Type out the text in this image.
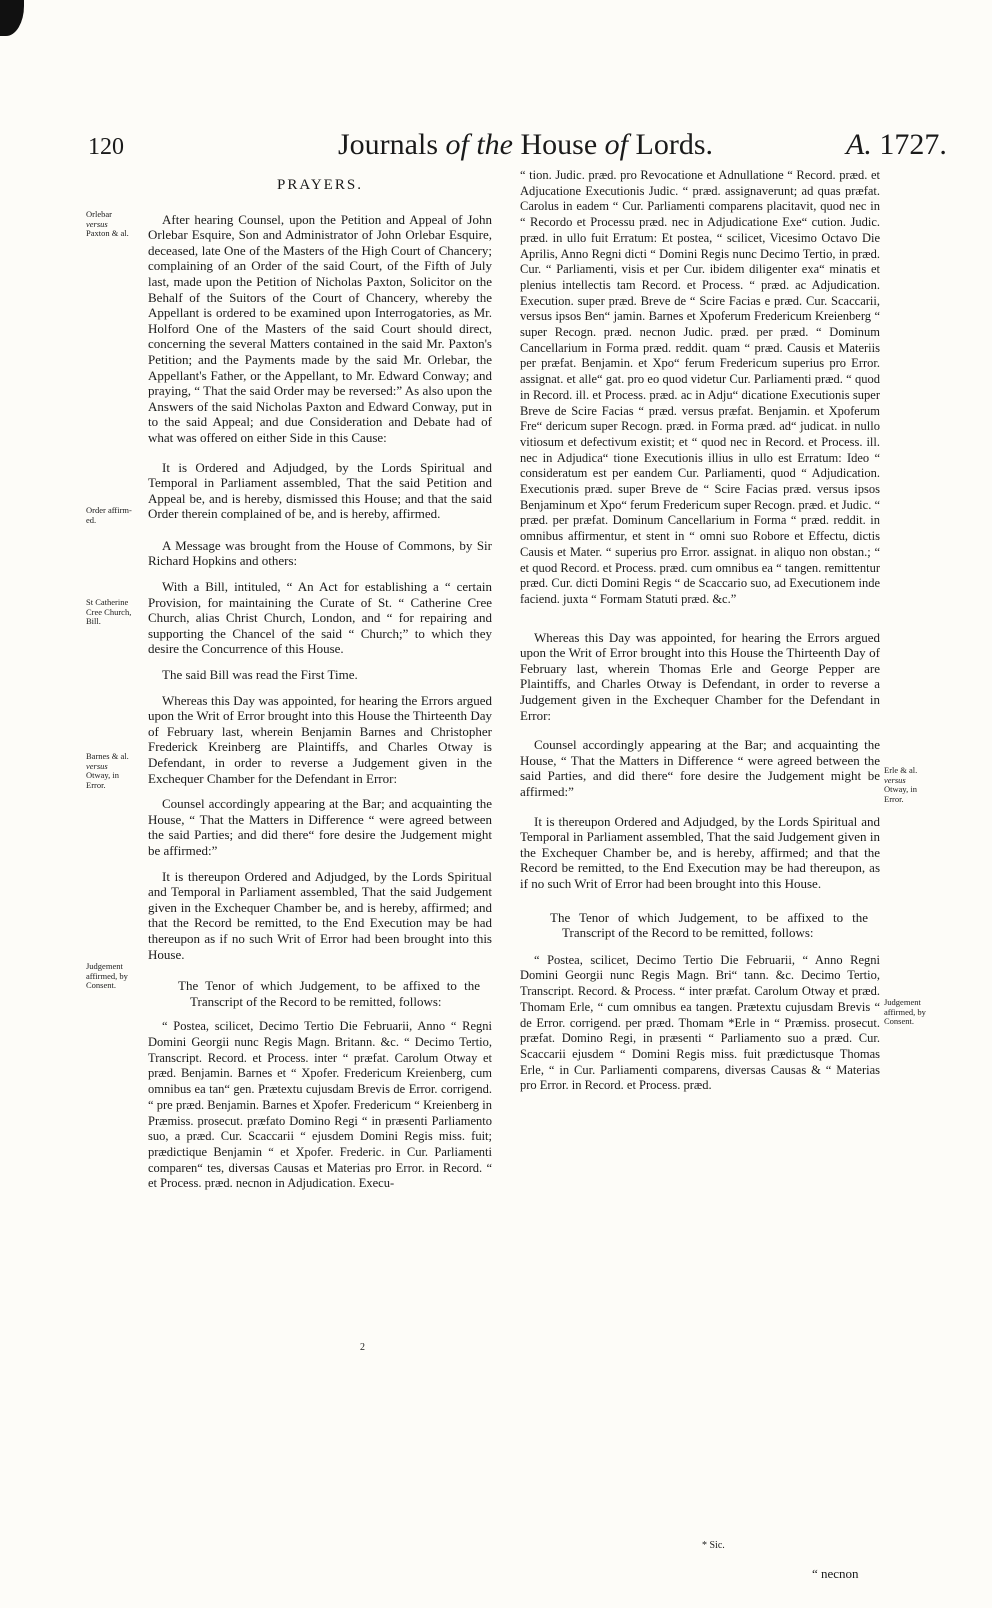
120	Journals of the House of Lords.	A. 1727.

PRAYERS.

After hearing Counsel, upon the Petition and Appeal of John Orlebar Esquire, Son and Administrator of John Orlebar Esquire, deceased, late One of the Masters of the High Court of Chancery; complaining of an Order of the said Court, of the Fifth of July last, made upon the Petition of Nicholas Paxton, Solicitor on the Behalf of the Suitors of the Court of Chancery, whereby the Appellant is ordered to be examined upon Interrogatories, as Mr. Holford One of the Masters of the said Court should direct, concerning the several Matters contained in the said Mr. Paxton's Petition; and the Payments made by the said Mr. Orlebar, the Appellant's Father, or the Appellant, to Mr. Edward Conway; and praying, “ That the said Order may be reversed:” As also upon the Answers of the said Nicholas Paxton and Edward Conway, put in to the said Appeal; and due Consideration and Debate had of what was offered on either Side in this Cause:

It is Ordered and Adjudged, by the Lords Spiritual and Temporal in Parliament assembled, That the said Petition and Appeal be, and is hereby, dismissed this House; and that the said Order therein complained of be, and is hereby, affirmed.

A Message was brought from the House of Commons, by Sir Richard Hopkins and others:

With a Bill, intituled, “ An Act for establishing a “ certain Provision, for maintaining the Curate of St. “ Catherine Cree Church, alias Christ Church, London, and “ for repairing and supporting the Chancel of the said “ Church;” to which they desire the Concurrence of this House.

The said Bill was read the First Time.

Whereas this Day was appointed, for hearing the Errors argued upon the Writ of Error brought into this House the Thirteenth Day of February last, wherein Benjamin Barnes and Christopher Frederick Kreinberg are Plaintiffs, and Charles Otway is Defendant, in order to reverse a Judgement given in the Exchequer Chamber for the Defendant in Error:

Counsel accordingly appearing at the Bar; and acquainting the House, “ That the Matters in Difference “ were agreed between the said Parties; and did there“ fore desire the Judgement might be affirmed:”

It is thereupon Ordered and Adjudged, by the Lords Spiritual and Temporal in Parliament assembled, That the said Judgement given in the Exchequer Chamber be, and is hereby, affirmed; and that the Record be remitted, to the End Execution may be had thereupon as if no such Writ of Error had been brought into this House.

The Tenor of which Judgement, to be affixed to the Transcript of the Record to be remitted, follows:

“ Postea, scilicet, Decimo Tertio Die Februarii, Anno “ Regni Domini Georgii nunc Regis Magn. Britann. &c. “ Decimo Tertio, Transcript. Record. et Process. inter “ præfat. Carolum Otway et præd. Benjamin. Barnes et “ Xpofer. Fredericum Kreienberg, cum omnibus ea tan“ gen. Prætextu cujusdam Brevis de Error. corrigend. “ pre præd. Benjamin. Barnes et Xpofer. Fredericum “ Kreienberg in Præmiss. prosecut. præfato Domino Regi “ in præsenti Parliamento suo, a præd. Cur. Scaccarii “ ejusdem Domini Regis miss. fuit; prædictique Benjamin “ et Xpofer. Frederic. in Cur. Parliamenti comparen“ tes, diversas Causas et Materias pro Error. in Record. “ et Process. præd. necnon in Adjudication. Execu-

“ tion. Judic. præd. pro Revocatione et Adnullatione “ Record. præd. et Adjucatione Executionis Judic. “ præd. assignaverunt; ad quas præfat. Carolus in eadem “ Cur. Parliamenti comparens placitavit, quod nec in “ Recordo et Processu præd. nec in Adjudicatione Exe“ cution. Judic. præd. in ullo fuit Erratum: Et postea, “ scilicet, Vicesimo Octavo Die Aprilis, Anno Regni dicti “ Domini Regis nunc Decimo Tertio, in præd. Cur. “ Parliamenti, visis et per Cur. ibidem diligenter exa“ minatis et plenius intellectis tam Record. et Process. “ præd. ac Adjudication. Execution. super præd. Breve de “ Scire Facias e præd. Cur. Scaccarii, versus ipsos Ben“ jamin. Barnes et Xpoferum Fredericum Kreienberg “ super Recogn. præd. necnon Judic. præd. per præd. “ Dominum Cancellarium in Forma præd. reddit. quam “ præd. Causis et Materiis per præfat. Benjamin. et Xpo“ ferum Fredericum superius pro Error. assignat. et alle“ gat. pro eo quod videtur Cur. Parliamenti præd. “ quod in Record. ill. et Process. præd. ac in Adju“ dicatione Executionis super Breve de Scire Facias “ præd. versus præfat. Benjamin. et Xpoferum Fre“ dericum super Recogn. præd. in Forma præd. ad“ judicat. in nullo vitiosum et defectivum existit; et “ quod nec in Record. et Process. ill. nec in Adjudica“ tione Executionis illius in ullo est Erratum: Ideo “ consideratum est per eandem Cur. Parliamenti, quod “ Adjudication. Executionis præd. super Breve de “ Scire Facias præd. versus ipsos Benjaminum et Xpo“ ferum Fredericum super Recogn. præd. et Judic. “ præd. per præfat. Dominum Cancellarium in Forma “ præd. reddit. in omnibus affirmentur, et stent in “ omni suo Robore et Effectu, dictis Causis et Mater. “ superius pro Error. assignat. in aliquo non obstan.; “ et quod Record. et Process. præd. cum omnibus ea “ tangen. remittentur præd. Cur. dicti Domini Regis “ de Scaccario suo, ad Executionem inde faciend. juxta “ Formam Statuti præd. &c.”

Whereas this Day was appointed, for hearing the Errors argued upon the Writ of Error brought into this House the Thirteenth Day of February last, wherein Thomas Erle and George Pepper are Plaintiffs, and Charles Otway is Defendant, in order to reverse a Judgement given in the Exchequer Chamber for the Defendant in Error:

Counsel accordingly appearing at the Bar; and acquainting the House, “ That the Matters in Difference “ were agreed between the said Parties, and did there“ fore desire the Judgement might be affirmed:”

It is thereupon Ordered and Adjudged, by the Lords Spiritual and Temporal in Parliament assembled, That the said Judgement given in the Exchequer Chamber be, and is hereby, affirmed; and that the Record be remitted, to the End Execution may be had thereupon, as if no such Writ of Error had been brought into this House.

The Tenor of which Judgement, to be affixed to the Transcript of the Record to be remitted, follows:

“ Postea, scilicet, Decimo Tertio Die Februarii, “ Anno Regni Domini Georgii nunc Regis Magn. Bri“ tann. &c. Decimo Tertio, Transcript. Record. & Process. “ inter præfat. Carolum Otway et præd. Thomam Erle, “ cum omnibus ea tangen. Prætextu cujusdam Brevis “ de Error. corrigend. per præd. Thomam *Erle in “ Præmiss. prosecut. præfat. Domino Regi, in præsenti “ Parliamento suo a præd. Cur. Scaccarii ejusdem “ Domini Regis miss. fuit prædictusque Thomas Erle, “ in Cur. Parliamenti comparens, diversas Causas & “ Materias pro Error. in Record. et Process. præd.

Orlebar
versus
Paxton & al.
Order affirm-
ed.
St Catherine
Cree Church,
Bill.
Barnes & al.
versus
Otway, in
Error.
Judgement
affirmed, by
Consent.
Erle & al.
versus
Otway, in
Error.
Judgement
affirmed, by
Consent.
2
* Sic.
“ necnon
